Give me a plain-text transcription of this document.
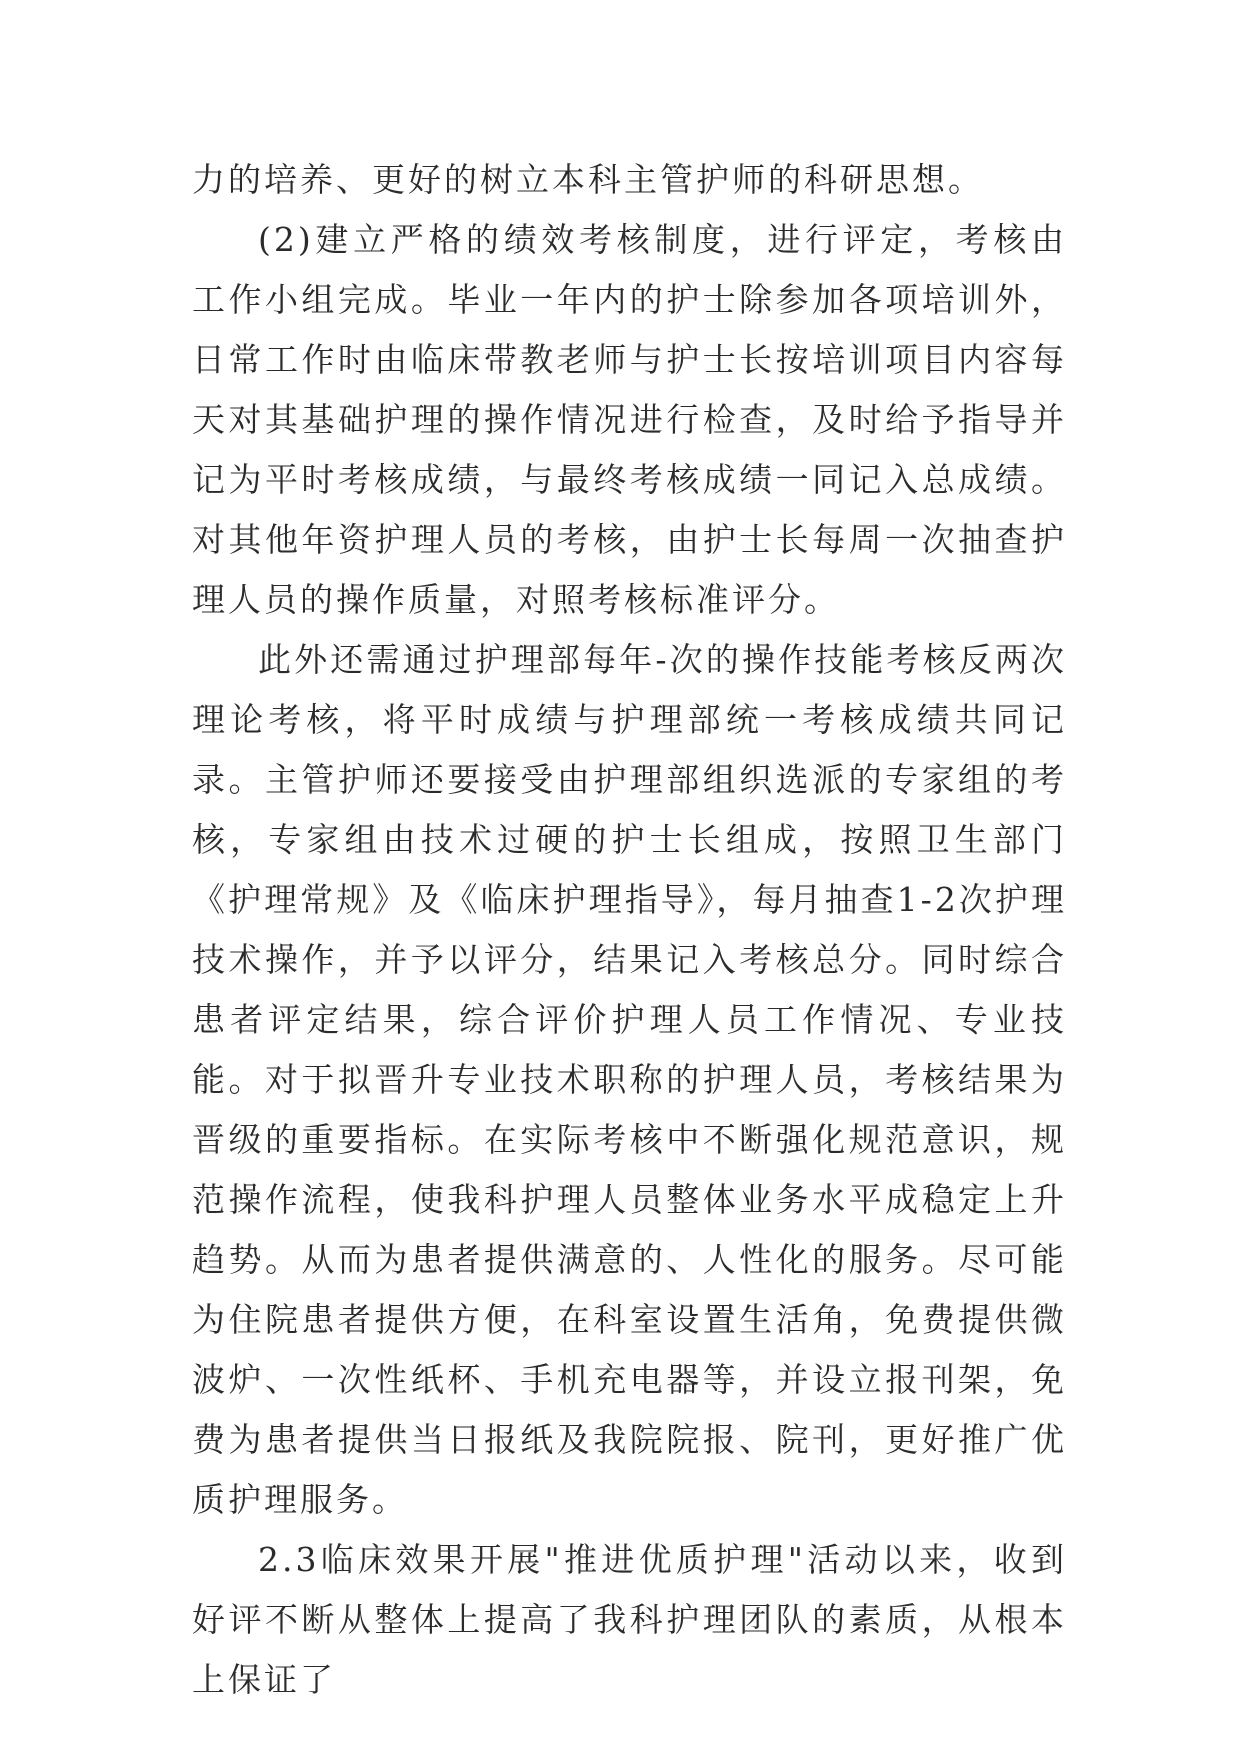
力的培养、更好的树立本科主管护师的科研思想。

(2)建立严格的绩效考核制度，进行评定，考核由工作小组完成。毕业一年内的护士除参加各项培训外，日常工作时由临床带教老师与护士长按培训项目内容每天对其基础护理的操作情况进行检查，及时给予指导并记为平时考核成绩，与最终考核成绩一同记入总成绩。对其他年资护理人员的考核，由护士长每周一次抽查护理人员的操作质量，对照考核标准评分。

此外还需通过护理部每年-次的操作技能考核反两次理论考核，将平时成绩与护理部统一考核成绩共同记录。主管护师还要接受由护理部组织选派的专家组的考核，专家组由技术过硬的护士长组成，按照卫生部门《护理常规》及《临床护理指导》，每月抽查1-2次护理技术操作，并予以评分，结果记入考核总分。同时综合患者评定结果，综合评价护理人员工作情况、专业技能。对于拟晋升专业技术职称的护理人员，考核结果为晋级的重要指标。在实际考核中不断强化规范意识，规范操作流程，使我科护理人员整体业务水平成稳定上升趋势。从而为患者提供满意的、人性化的服务。尽可能为住院患者提供方便，在科室设置生活角，免费提供微波炉、一次性纸杯、手机充电器等，并设立报刊架，免费为患者提供当日报纸及我院院报、院刊，更好推广优质护理服务。

2.3临床效果开展"推进优质护理"活动以来，收到好评不断从整体上提高了我科护理团队的素质，从根本上保证了
